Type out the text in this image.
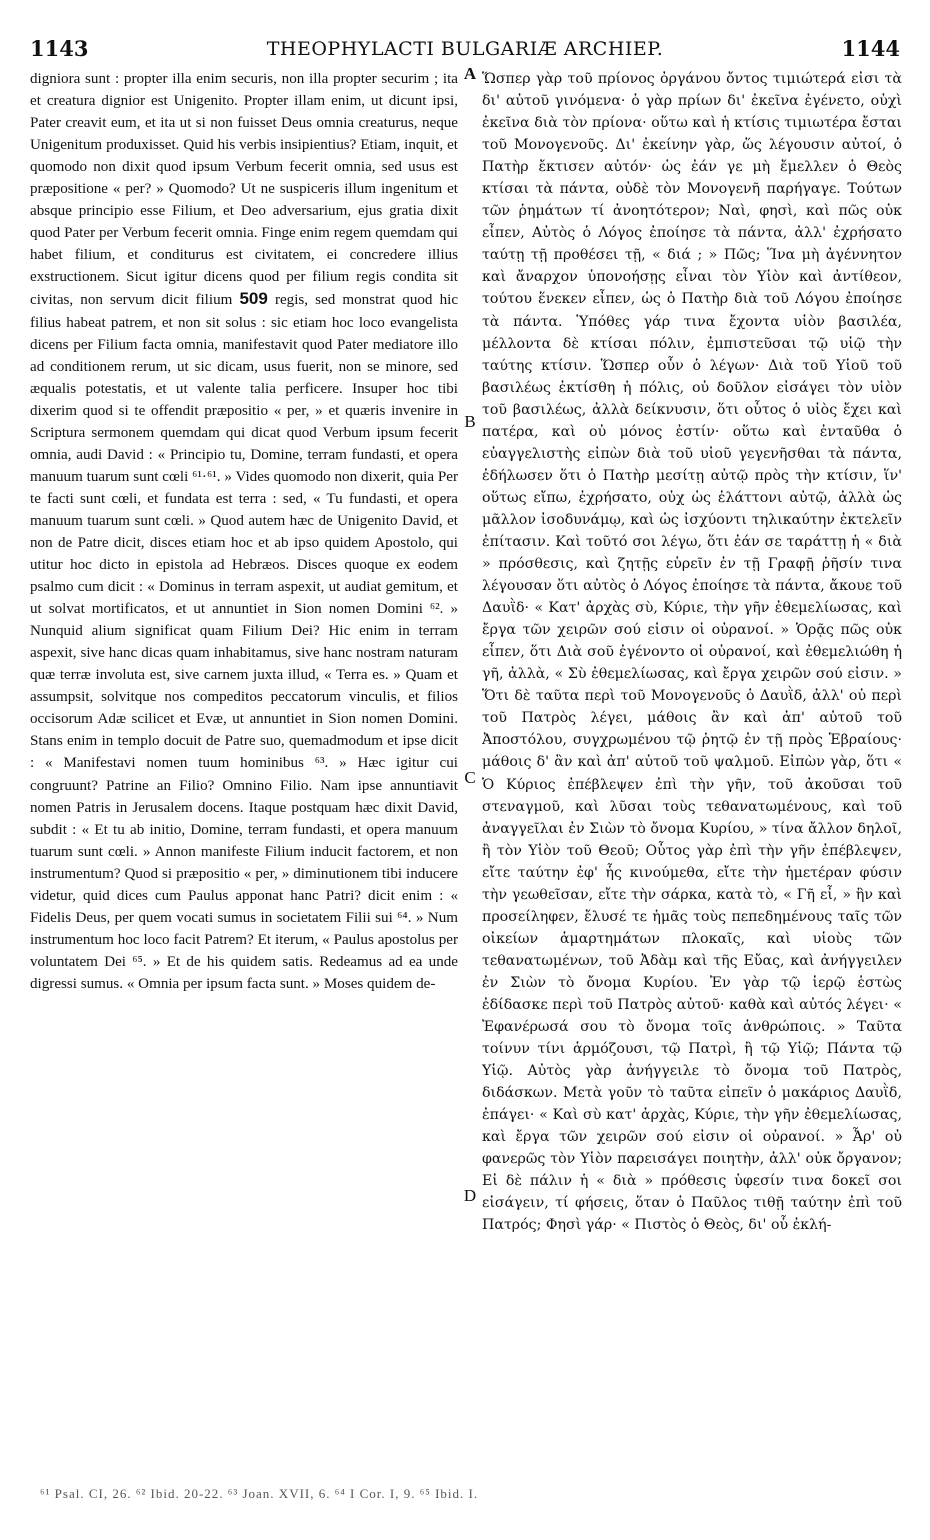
1143	THEOPHYLACTI BULGARIÆ ARCHIEP.	1144

digniora sunt : propter illa enim securis, non illa propter securim ; ita et creatura dignior est Unigenito. Propter illam enim, ut dicunt ipsi, Pater creavit eum, et ita ut si non fuisset Deus omnia creaturus, neque Unigenitum produxisset. Quid his verbis insipientius? Etiam, inquit, et quomodo non dixit quod ipsum Verbum fecerit omnia, sed usus est præpositione « per? » Quomodo? Ut ne suspiceris illum ingenitum et absque principio esse Filium, et Deo adversarium, ejus gratia dixit quod Pater per Verbum fecerit omnia. Finge enim regem quemdam qui habet filium, et conditurus est civitatem, ei concredere illius exstructionem. Sicut igitur dicens quod per filium regis condita sit civitas, non servum dicit filium 509 regis, sed monstrat quod hic filius habeat patrem, et non sit solus : sic etiam hoc loco evangelista dicens per Filium facta omnia, manifestavit quod Pater mediatore illo ad conditionem rerum, ut sic dicam, usus fuerit, non se minore, sed æqualis potestatis, et ut valente talia perficere. Insuper hoc tibi dixerim quod si te offendit præpositio « per, » et quæris invenire in Scriptura sermonem quemdam qui dicat quod Verbum ipsum fecerit omnia, audi David : « Principio tu, Domine, terram fundasti, et opera manuum tuarum sunt cœli ⁶¹·⁶¹. » Vides quomodo non dixerit, quia Per te facti sunt cœli, et fundata est terra : sed, « Tu fundasti, et opera manuum tuarum sunt cœli. » Quod autem hæc de Unigenito David, et non de Patre dicit, disces etiam hoc et ab ipso quidem Apostolo, qui utitur hoc dicto in epistola ad Hebræos. Disces quoque ex eodem psalmo cum dicit : « Dominus in terram aspexit, ut audiat gemitum, et ut solvat mortificatos, et ut annuntiet in Sion nomen Domini ⁶². » Nunquid alium significat quam Filium Dei? Hic enim in terram aspexit, sive hanc dicas quam inhabitamus, sive hanc nostram naturam quæ terræ involuta est, sive carnem juxta illud, « Terra es. » Quam et assumpsit, solvitque nos compeditos peccatorum vinculis, et filios occisorum Adæ scilicet et Evæ, ut annuntiet in Sion nomen Domini. Stans enim in templo docuit de Patre suo, quemadmodum et ipse dicit : « Manifestavi nomen tuum hominibus ⁶³. » Hæc igitur cui congruunt? Patrine an Filio? Omnino Filio. Nam ipse annuntiavit nomen Patris in Jerusalem docens. Itaque postquam hæc dixit David, subdit : « Et tu ab initio, Domine, terram fundasti, et opera manuum tuarum sunt cœli. » Annon manifeste Filium inducit factorem, et non instrumentum? Quod si præpositio « per, » diminutionem tibi inducere videtur, quid dices cum Paulus apponat hanc Patri? dicit enim : « Fidelis Deus, per quem vocati sumus in societatem Filii sui ⁶⁴. » Num instrumentum hoc loco facit Patrem? Et iterum, « Paulus apostolus per voluntatem Dei ⁶⁵. » Et de his quidem satis. Redeamus ad ea unde digressi sumus. « Omnia per ipsum facta sunt. » Moses quidem de-

A
B
C
D

Ὥσπερ γὰρ τοῦ πρίονος ὀργάνου ὄντος τιμιώτερά εἰσι τὰ δι' αὐτοῦ γινόμενα· ὁ γὰρ πρίων δι' ἐκεῖνα ἐγένετο, οὐχὶ ἐκεῖνα διὰ τὸν πρίονα· οὕτω καὶ ἡ κτίσις τιμιωτέρα ἔσται τοῦ Μονογενοῦς. Δι' ἐκείνην γὰρ, ὥς λέγουσιν αὐτοί, ὁ Πατὴρ ἔκτισεν αὐτόν· ὡς ἐάν γε μὴ ἔμελλεν ὁ Θεὸς κτίσαι τὰ πάντα, οὐδὲ τὸν Μονογενῆ παρήγαγε. Τούτων τῶν ῥημάτων τί ἀνοητότερον; Ναὶ, φησὶ, καὶ πῶς οὐκ εἶπεν, Αὐτὸς ὁ Λόγος ἐποίησε τὰ πάντα, ἀλλ' ἐχρήσατο ταύτῃ τῇ προθέσει τῇ, « διά ; » Πῶς; Ἵνα μὴ ἀγέννητον καὶ ἄναρχον ὑπονοήσῃς εἶναι τὸν Υἱὸν καὶ ἀντίθεον, τούτου ἕνεκεν εἶπεν, ὡς ὁ Πατὴρ διὰ τοῦ Λόγου ἐποίησε τὰ πάντα. Ὑπόθες γάρ τινα ἔχοντα υἱὸν βασιλέα, μέλλοντα δὲ κτίσαι πόλιν, ἐμπιστεῦσαι τῷ υἱῷ τὴν ταύτης κτίσιν. Ὥσπερ οὖν ὁ λέγων· Διὰ τοῦ Υἱοῦ τοῦ βασιλέως ἐκτίσθη ἡ πόλις, οὐ δοῦλον εἰσάγει τὸν υἱὸν τοῦ βασιλέως, ἀλλὰ δείκνυσιν, ὅτι οὗτος ὁ υἱὸς ἔχει καὶ πατέρα, καὶ οὐ μόνος ἐστίν· οὕτω καὶ ἐνταῦθα ὁ εὐαγγελιστὴς εἰπὼν διὰ τοῦ υἱοῦ γεγενῆσθαι τὰ πάντα, ἐδήλωσεν ὅτι ὁ Πατὴρ μεσίτῃ αὐτῷ πρὸς τὴν κτίσιν, ἵν' οὕτως εἴπω, ἐχρήσατο, οὐχ ὡς ἐλάττονι αὐτῷ, ἀλλὰ ὡς μᾶλλον ἰσοδυνάμῳ, καὶ ὡς ἰσχύοντι τηλικαύτην ἐκτελεῖν ἐπίτασιν. Καὶ τοῦτό σοι λέγω, ὅτι ἐάν σε ταράττῃ ἡ « διὰ » πρόσθεσις, καὶ ζητῇς εὑρεῖν ἐν τῇ Γραφῇ ῥῆσίν τινα λέγουσαν ὅτι αὐτὸς ὁ Λόγος ἐποίησε τὰ πάντα, ἄκουε τοῦ Δαυῒδ· « Κατ' ἀρχὰς σὺ, Κύριε, τὴν γῆν ἐθεμελίωσας, καὶ ἔργα τῶν χειρῶν σού εἰσιν οἱ οὐρανοί. » Ὁρᾷς πῶς οὐκ εἶπεν, ὅτι Διὰ σοῦ ἐγένοντο οἱ οὐρανοί, καὶ ἐθεμελιώθη ἡ γῆ, ἀλλὰ, « Σὺ ἐθεμελίωσας, καὶ ἔργα χειρῶν σού εἰσιν. » Ὅτι δὲ ταῦτα περὶ τοῦ Μονογενοῦς ὁ Δαυῒδ, ἀλλ' οὐ περὶ τοῦ Πατρὸς λέγει, μάθοις ἂν καὶ ἀπ' αὐτοῦ τοῦ Ἀποστόλου, συγχρωμένου τῷ ῥητῷ ἐν τῇ πρὸς Ἑβραίους· μάθοις δ' ἂν καὶ ἀπ' αὐτοῦ τοῦ ψαλμοῦ. Εἰπὼν γὰρ, ὅτι « Ὁ Κύριος ἐπέβλεψεν ἐπὶ τὴν γῆν, τοῦ ἀκοῦσαι τοῦ στεναγμοῦ, καὶ λῦσαι τοὺς τεθανατωμένους, καὶ τοῦ ἀναγγεῖλαι ἐν Σιὼν τὸ ὄνομα Κυρίου, » τίνα ἄλλον δηλοῖ, ἢ τὸν Υἱὸν τοῦ Θεοῦ; Οὗτος γὰρ ἐπὶ τὴν γῆν ἐπέβλεψεν, εἴτε ταύτην ἐφ' ἧς κινούμεθα, εἴτε τὴν ἡμετέραν φύσιν τὴν γεωθεῖσαν, εἴτε τὴν σάρκα, κατὰ τὸ, « Γῆ εἶ, » ἣν καὶ προσείληφεν, ἔλυσέ τε ἡμᾶς τοὺς πεπεδημένους ταῖς τῶν οἰκείων ἁμαρτημάτων πλοκαῖς, καὶ υἱοὺς τῶν τεθανατωμένων, τοῦ Ἀδὰμ καὶ τῆς Εὔας, καὶ ἀνήγγειλεν ἐν Σιὼν τὸ ὄνομα Κυρίου. Ἐν γὰρ τῷ ἱερῷ ἑστὼς ἐδίδασκε περὶ τοῦ Πατρὸς αὐτοῦ· καθὰ καὶ αὐτός λέγει· « Ἐφανέρωσά σου τὸ ὄνομα τοῖς ἀνθρώποις. » Ταῦτα τοίνυν τίνι ἁρμόζουσι, τῷ Πατρὶ, ἢ τῷ Υἱῷ; Πάντα τῷ Υἱῷ. Αὐτὸς γὰρ ἀνήγγειλε τὸ ὄνομα τοῦ Πατρὸς, διδάσκων. Μετὰ γοῦν τὸ ταῦτα εἰπεῖν ὁ μακάριος Δαυῒδ, ἐπάγει· « Καὶ σὺ κατ' ἀρχὰς, Κύριε, τὴν γῆν ἐθεμελίωσας, καὶ ἔργα τῶν χειρῶν σού εἰσιν οἱ οὐρανοί. » Ἆρ' οὐ φανερῶς τὸν Υἱὸν παρεισάγει ποιητὴν, ἀλλ' οὐκ ὄργανον; Εἰ δὲ πάλιν ἡ « διὰ » πρόθεσις ὑφεσίν τινα δοκεῖ σοι εἰσάγειν, τί φήσεις, ὅταν ὁ Παῦλος τιθῇ ταύτην ἐπὶ τοῦ Πατρός; Φησὶ γάρ· « Πιστὸς ὁ Θεὸς, δι' οὗ ἐκλή-

⁶¹ Psal. CI, 26. ⁶² Ibid. 20-22. ⁶³ Joan. XVII, 6. ⁶⁴ I Cor. I, 9. ⁶⁵ Ibid. I.
